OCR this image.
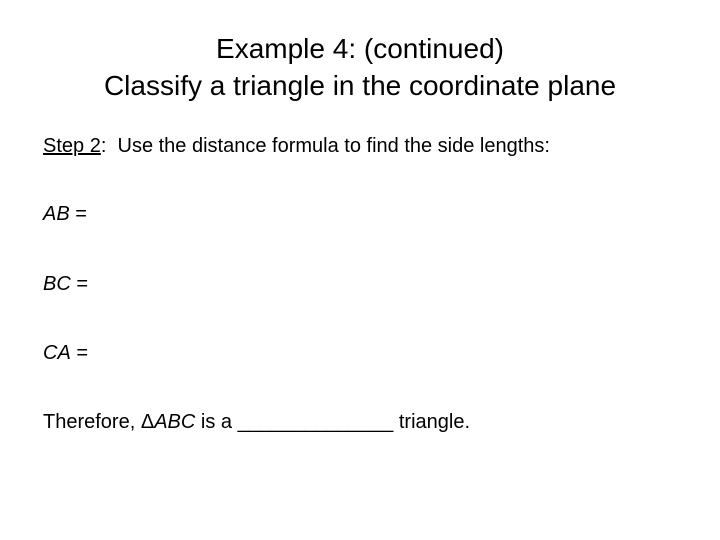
Example 4: (continued)
Classify a triangle in the coordinate plane
Step 2:  Use the distance formula to find the side lengths:
AB =
BC =
CA =
Therefore, ΔABC is a ______________ triangle.
